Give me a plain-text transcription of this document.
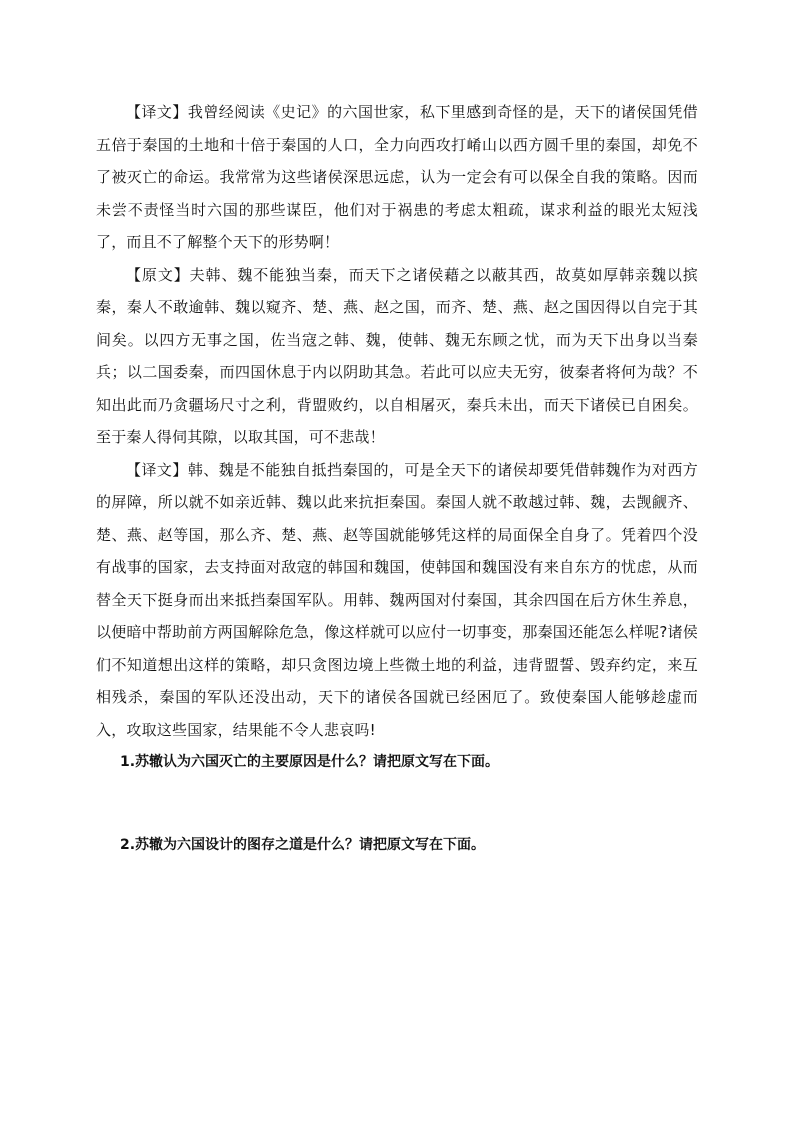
【译文】我曾经阅读《史记》的六国世家，私下里感到奇怪的是，天下的诸侯国凭借五倍于秦国的土地和十倍于秦国的人口，全力向西攻打崤山以西方圆千里的秦国，却免不了被灭亡的命运。我常常为这些诸侯深思远虑，认为一定会有可以保全自我的策略。因而未尝不责怪当时六国的那些谋臣，他们对于祸患的考虑太粗疏，谋求利益的眼光太短浅了，而且不了解整个天下的形势啊！

【原文】夫韩、魏不能独当秦，而天下之诸侯藉之以蔽其西，故莫如厚韩亲魏以摈秦，秦人不敢逾韩、魏以窥齐、楚、燕、赵之国，而齐、楚、燕、赵之国因得以自完于其间矣。以四方无事之国，佐当寇之韩、魏，使韩、魏无东顾之忧，而为天下出身以当秦兵；以二国委秦，而四国休息于内以阴助其急。若此可以应夫无穷，彼秦者将何为哉？不知出此而乃贪疆场尺寸之利，背盟败约，以自相屠灭，秦兵未出，而天下诸侯已自困矣。至于秦人得伺其隙，以取其国，可不悲哉！

【译文】韩、魏是不能独自抵挡秦国的，可是全天下的诸侯却要凭借韩魏作为对西方的屏障，所以就不如亲近韩、魏以此来抗拒秦国。秦国人就不敢越过韩、魏，去觊觎齐、楚、燕、赵等国，那么齐、楚、燕、赵等国就能够凭这样的局面保全自身了。凭着四个没有战事的国家，去支持面对敌寇的韩国和魏国，使韩国和魏国没有来自东方的忧虑，从而替全天下挺身而出来抵挡秦国军队。用韩、魏两国对付秦国，其余四国在后方休生养息，以便暗中帮助前方两国解除危急，像这样就可以应付一切事变，那秦国还能怎么样呢?诸侯们不知道想出这样的策略，却只贪图边境上些微土地的利益，违背盟誓、毁弃约定，来互相残杀，秦国的军队还没出动，天下的诸侯各国就已经困厄了。致使秦国人能够趁虚而入，攻取这些国家，结果能不令人悲哀吗!

1.苏辙认为六国灭亡的主要原因是什么？请把原文写在下面。

2.苏辙为六国设计的图存之道是什么？请把原文写在下面。
